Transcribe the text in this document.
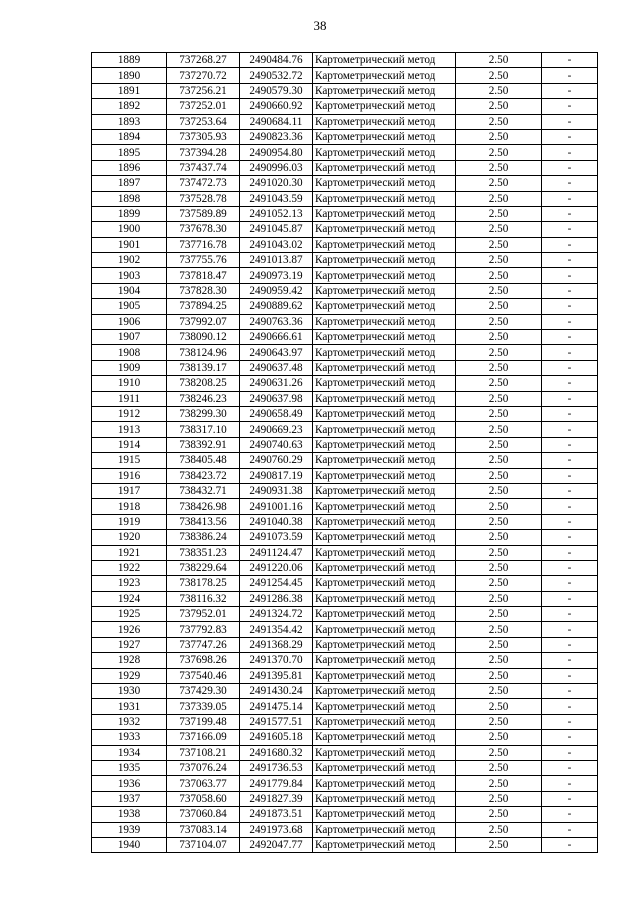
38
1889	737268.27	2490484.76	Картометрический метод	2.50	-
1890	737270.72	2490532.72	Картометрический метод	2.50	-
1891	737256.21	2490579.30	Картометрический метод	2.50	-
1892	737252.01	2490660.92	Картометрический метод	2.50	-
1893	737253.64	2490684.11	Картометрический метод	2.50	-
1894	737305.93	2490823.36	Картометрический метод	2.50	-
1895	737394.28	2490954.80	Картометрический метод	2.50	-
1896	737437.74	2490996.03	Картометрический метод	2.50	-
1897	737472.73	2491020.30	Картометрический метод	2.50	-
1898	737528.78	2491043.59	Картометрический метод	2.50	-
1899	737589.89	2491052.13	Картометрический метод	2.50	-
1900	737678.30	2491045.87	Картометрический метод	2.50	-
1901	737716.78	2491043.02	Картометрический метод	2.50	-
1902	737755.76	2491013.87	Картометрический метод	2.50	-
1903	737818.47	2490973.19	Картометрический метод	2.50	-
1904	737828.30	2490959.42	Картометрический метод	2.50	-
1905	737894.25	2490889.62	Картометрический метод	2.50	-
1906	737992.07	2490763.36	Картометрический метод	2.50	-
1907	738090.12	2490666.61	Картометрический метод	2.50	-
1908	738124.96	2490643.97	Картометрический метод	2.50	-
1909	738139.17	2490637.48	Картометрический метод	2.50	-
1910	738208.25	2490631.26	Картометрический метод	2.50	-
1911	738246.23	2490637.98	Картометрический метод	2.50	-
1912	738299.30	2490658.49	Картометрический метод	2.50	-
1913	738317.10	2490669.23	Картометрический метод	2.50	-
1914	738392.91	2490740.63	Картометрический метод	2.50	-
1915	738405.48	2490760.29	Картометрический метод	2.50	-
1916	738423.72	2490817.19	Картометрический метод	2.50	-
1917	738432.71	2490931.38	Картометрический метод	2.50	-
1918	738426.98	2491001.16	Картометрический метод	2.50	-
1919	738413.56	2491040.38	Картометрический метод	2.50	-
1920	738386.24	2491073.59	Картометрический метод	2.50	-
1921	738351.23	2491124.47	Картометрический метод	2.50	-
1922	738229.64	2491220.06	Картометрический метод	2.50	-
1923	738178.25	2491254.45	Картометрический метод	2.50	-
1924	738116.32	2491286.38	Картометрический метод	2.50	-
1925	737952.01	2491324.72	Картометрический метод	2.50	-
1926	737792.83	2491354.42	Картометрический метод	2.50	-
1927	737747.26	2491368.29	Картометрический метод	2.50	-
1928	737698.26	2491370.70	Картометрический метод	2.50	-
1929	737540.46	2491395.81	Картометрический метод	2.50	-
1930	737429.30	2491430.24	Картометрический метод	2.50	-
1931	737339.05	2491475.14	Картометрический метод	2.50	-
1932	737199.48	2491577.51	Картометрический метод	2.50	-
1933	737166.09	2491605.18	Картометрический метод	2.50	-
1934	737108.21	2491680.32	Картометрический метод	2.50	-
1935	737076.24	2491736.53	Картометрический метод	2.50	-
1936	737063.77	2491779.84	Картометрический метод	2.50	-
1937	737058.60	2491827.39	Картометрический метод	2.50	-
1938	737060.84	2491873.51	Картометрический метод	2.50	-
1939	737083.14	2491973.68	Картометрический метод	2.50	-
1940	737104.07	2492047.77	Картометрический метод	2.50	-
